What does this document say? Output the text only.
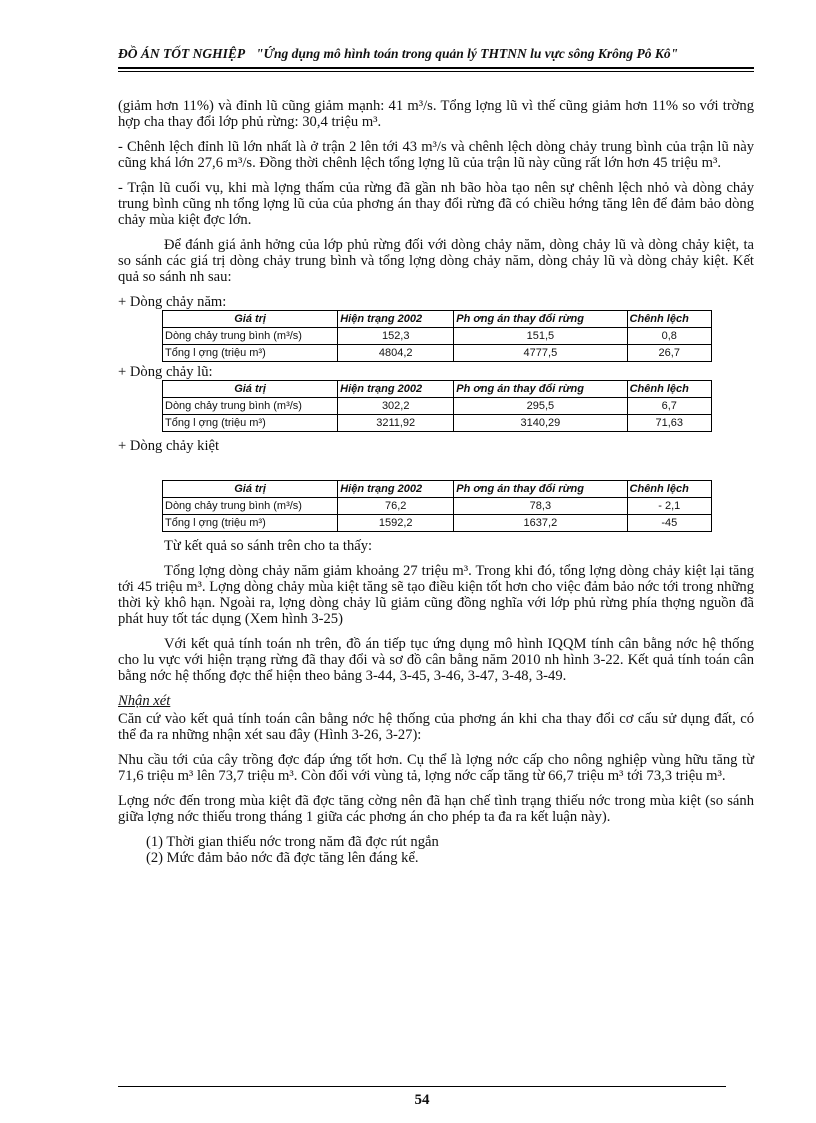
ĐỒ ÁN TỐT NGHIỆP "Ứng dụng mô hình toán trong quản lý THTNN lu vực sông Krông Pô Kô"

(giảm hơn 11%) và đỉnh lũ cũng giảm mạnh: 41 m³/s. Tổng lợng lũ vì thế cũng giảm hơn 11% so với trờng hợp cha thay đổi lớp phủ rừng: 30,4 triệu m³.

- Chênh lệch đỉnh lũ lớn nhất là ở trận 2 lên tới 43 m³/s và chênh lệch dòng chảy trung bình của trận lũ này cũng khá lớn 27,6 m³/s. Đồng thời chênh lệch tổng lợng lũ của trận lũ này cũng rất lớn hơn 45 triệu m³.

- Trận lũ cuối vụ, khi mà lợng thấm của rừng đã gần nh bão hòa tạo nên sự chênh lệch nhỏ và dòng chảy trung bình cũng nh tổng lợng lũ của của phơng án thay đổi rừng đã có chiều hớng tăng lên để đảm bảo dòng chảy mùa kiệt đợc lớn.

Để đánh giá ảnh hởng của lớp phủ rừng đối với dòng chảy năm, dòng chảy lũ và dòng chảy kiệt, ta so sánh các giá trị dòng chảy trung bình và tổng lợng dòng chảy năm, dòng chảy lũ và dòng chảy kiệt. Kết quả so sánh nh sau:

+ Dòng chảy năm:
Giá trị	Hiện trạng 2002	Ph ơng án thay đổi rừng	Chênh lệch
Dòng chảy trung bình (m³/s)	152,3	151,5	0,8
Tổng l ợng (triệu m³)	4804,2	4777,5	26,7
+ Dòng chảy lũ:
Giá trị	Hiện trạng 2002	Ph ơng án thay đổi rừng	Chênh lệch
Dòng chảy trung bình (m³/s)	302,2	295,5	6,7
Tổng l ợng (triệu m³)	3211,92	3140,29	71,63
+ Dòng chảy kiệt
Giá trị	Hiện trạng 2002	Ph ơng án thay đổi rừng	Chênh lệch
Dòng chảy trung bình (m³/s)	76,2	78,3	- 2,1
Tổng l ợng (triệu m³)	1592,2	1637,2	-45

Từ kết quả so sánh trên cho ta thấy:

Tổng lợng dòng chảy năm giảm khoảng 27 triệu m³. Trong khi đó, tổng lợng dòng chảy kiệt lại tăng tới 45 triệu m³. Lợng dòng chảy mùa kiệt tăng sẽ tạo điều kiện tốt hơn cho việc đảm bảo nớc tới trong những thời kỳ khô hạn. Ngoài ra, lợng dòng chảy lũ giảm cũng đồng nghĩa với lớp phủ rừng phía thợng nguồn đã phát huy tốt tác dụng (Xem hình 3-25)

Với kết quả tính toán nh trên, đồ án tiếp tục ứng dụng mô hình IQQM tính cân bằng nớc hệ thống cho lu vực với hiện trạng rừng đã thay đổi và sơ đồ cân bằng năm 2010 nh hình 3-22. Kết quả tính toán cân bằng nớc hệ thống đợc thể hiện theo bảng 3-44, 3-45, 3-46, 3-47, 3-48, 3-49.

Nhận xét

Căn cứ vào kết quả tính toán cân bằng nớc hệ thống của phơng án khi cha thay đổi cơ cấu sử dụng đất, có thể đa ra những nhận xét sau đây (Hình 3-26, 3-27):

Nhu cầu tới của cây trồng đợc đáp ứng tốt hơn. Cụ thể là lợng nớc cấp cho nông nghiệp vùng hữu tăng từ 71,6 triệu m³ lên 73,7 triệu m³. Còn đối với vùng tả, lợng nớc cấp tăng từ 66,7 triệu m³ tới 73,3 triệu m³.

Lợng nớc đến trong mùa kiệt đã đợc tăng cờng nên đã hạn chế tình trạng thiếu nớc trong mùa kiệt (so sánh giữa lợng nớc thiếu trong tháng 1 giữa các phơng án cho phép ta đa ra kết luận này).

(1) Thời gian thiếu nớc trong năm đã đợc rút ngắn
(2) Mức đảm bảo nớc đã đợc tăng lên đáng kể.
54
